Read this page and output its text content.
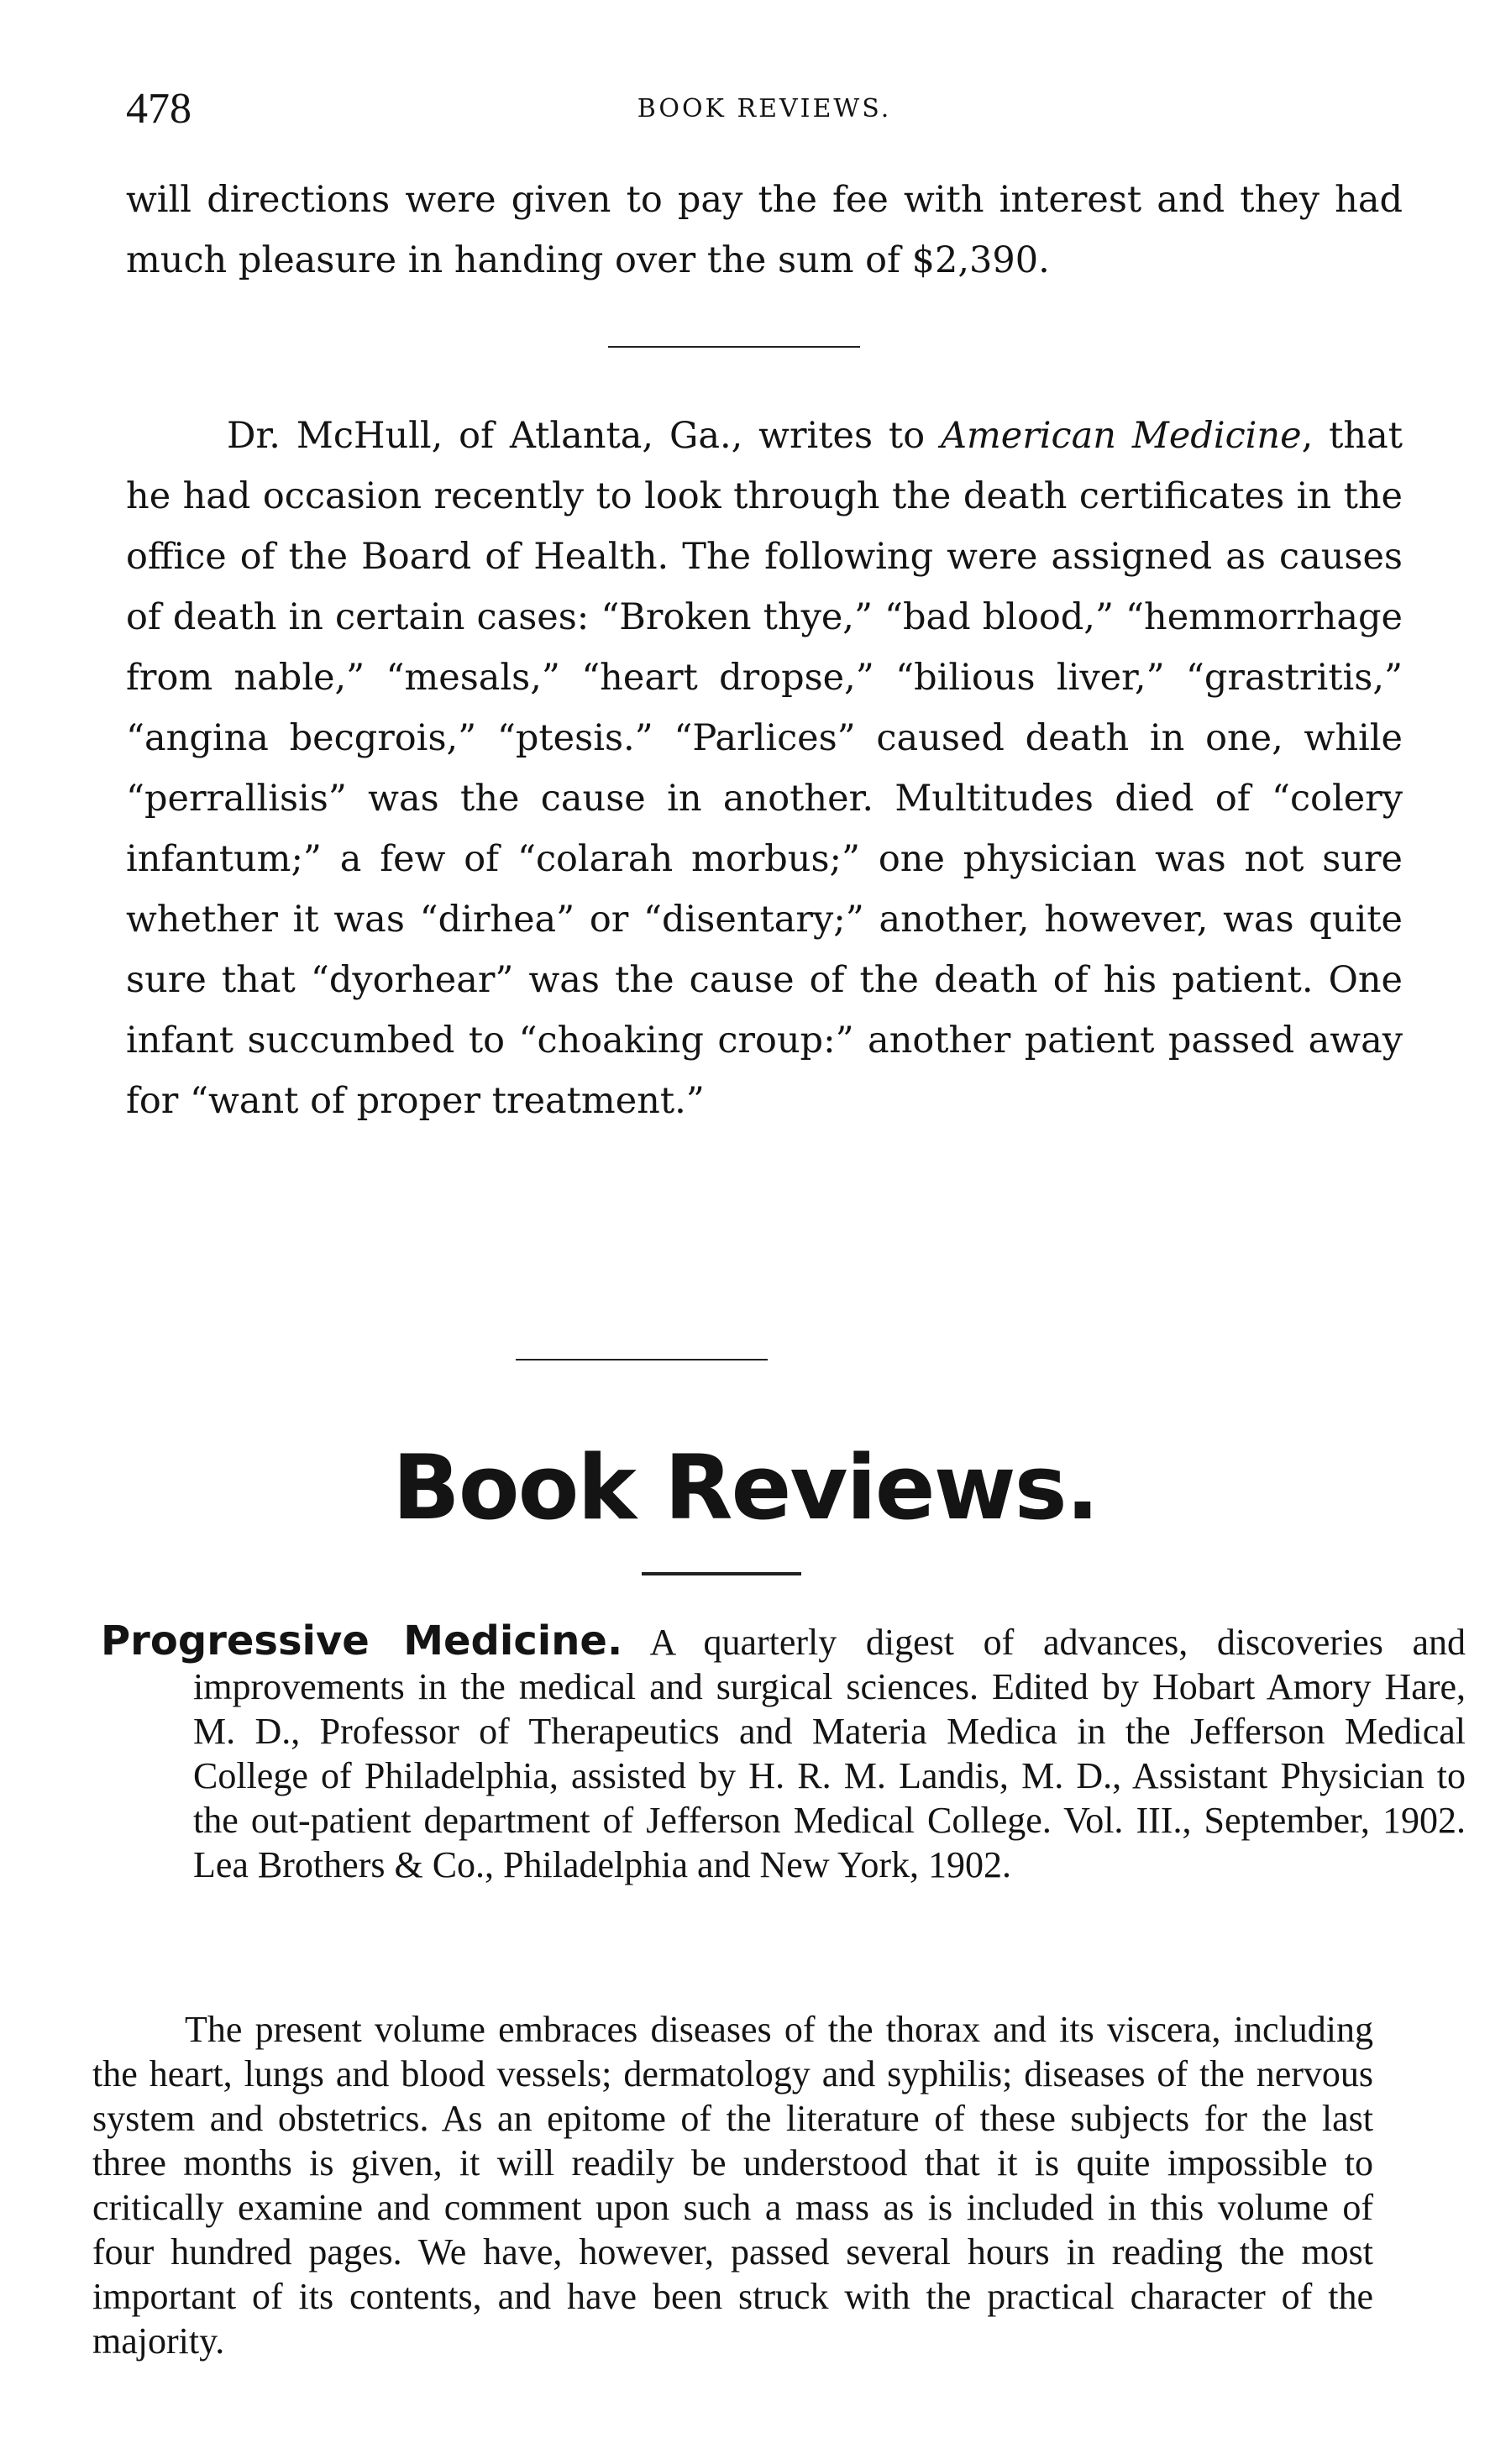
478	BOOK REVIEWS.

will directions were given to pay the fee with interest and they had much pleasure in handing over the sum of $2,390.

Dr. McHull, of Atlanta, Ga., writes to American Medicine, that he had occasion recently to look through the death certificates in the office of the Board of Health. The following were assigned as causes of death in certain cases: “Broken thye,” “bad blood,” “hemmorrhage from nable,” “mesals,” “heart dropse,” “bilious liver,” “grastritis,” “angina becgrois,” “ptesis.” “Parlices” caused death in one, while “perrallisis” was the cause in another. Multitudes died of “colery infantum;” a few of “colarah morbus;” one physician was not sure whether it was “dirhea” or “disentary;” another, however, was quite sure that “dyorhear” was the cause of the death of his patient. One infant succumbed to “choaking croup:” another patient passed away for “want of proper treatment.”

Book Reviews.

Progressive Medicine. A quarterly digest of advances, discoveries and improvements in the medical and surgical sciences. Edited by Hobart Amory Hare, M. D., Professor of Therapeutics and Materia Medica in the Jefferson Medical College of Philadelphia, assisted by H. R. M. Landis, M. D., Assistant Physician to the out-patient department of Jefferson Medical College. Vol. III., September, 1902. Lea Brothers & Co., Philadelphia and New York, 1902.

The present volume embraces diseases of the thorax and its viscera, including the heart, lungs and blood vessels; dermatology and syphilis; diseases of the nervous system and obstetrics. As an epitome of the literature of these subjects for the last three months is given, it will readily be understood that it is quite impossible to critically examine and comment upon such a mass as is included in this volume of four hundred pages. We have, however, passed several hours in reading the most important of its contents, and have been struck with the practical character of the majority.
